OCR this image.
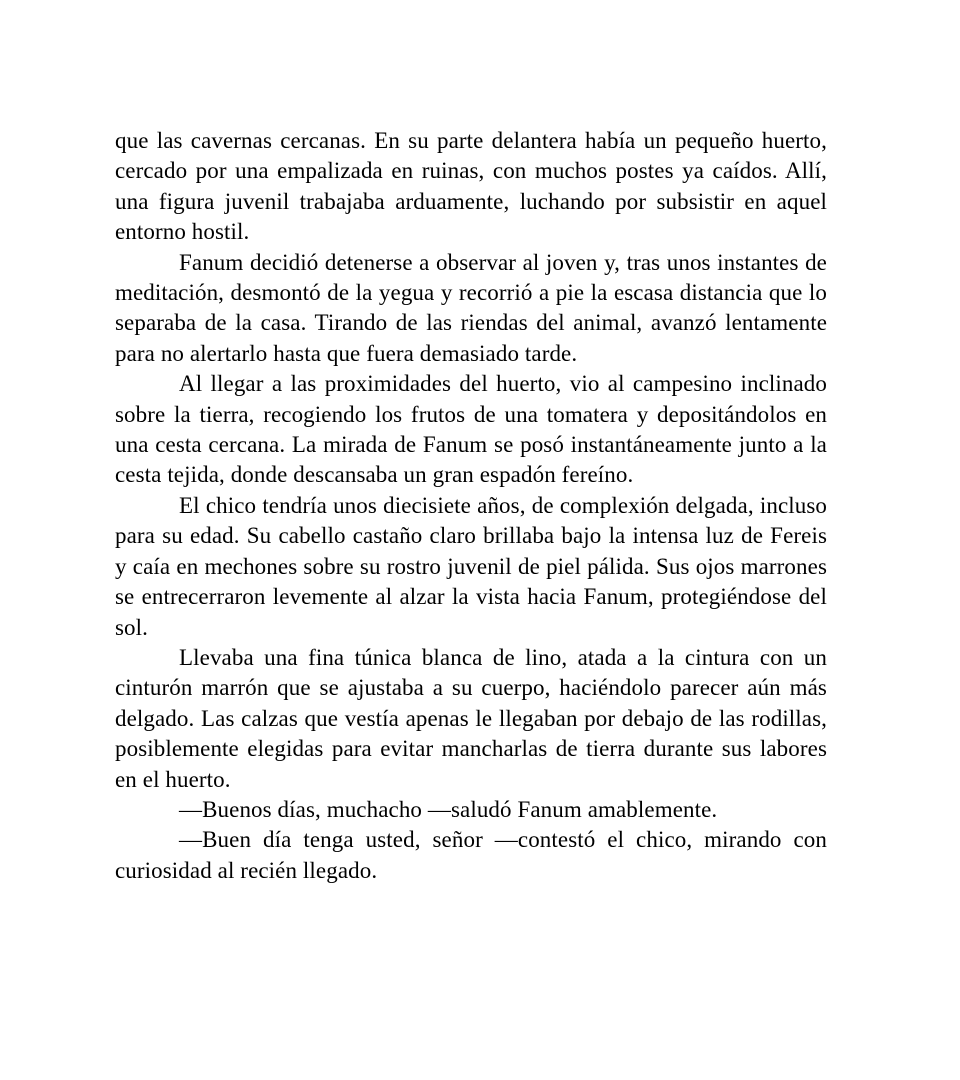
que las cavernas cercanas. En su parte delantera había un pequeño huerto, cercado por una empalizada en ruinas, con muchos postes ya caídos. Allí, una figura juvenil trabajaba arduamente, luchando por subsistir en aquel entorno hostil.

Fanum decidió detenerse a observar al joven y, tras unos instantes de meditación, desmontó de la yegua y recorrió a pie la escasa distancia que lo separaba de la casa. Tirando de las riendas del animal, avanzó lentamente para no alertarlo hasta que fuera demasiado tarde.

Al llegar a las proximidades del huerto, vio al campesino inclinado sobre la tierra, recogiendo los frutos de una tomatera y depositándolos en una cesta cercana. La mirada de Fanum se posó instantáneamente junto a la cesta tejida, donde descansaba un gran espadón fereíno.

El chico tendría unos diecisiete años, de complexión delgada, incluso para su edad. Su cabello castaño claro brillaba bajo la intensa luz de Fereis y caía en mechones sobre su rostro juvenil de piel pálida. Sus ojos marrones se entrecerraron levemente al alzar la vista hacia Fanum, protegiéndose del sol.

Llevaba una fina túnica blanca de lino, atada a la cintura con un cinturón marrón que se ajustaba a su cuerpo, haciéndolo parecer aún más delgado. Las calzas que vestía apenas le llegaban por debajo de las rodillas, posiblemente elegidas para evitar mancharlas de tierra durante sus labores en el huerto.

—Buenos días, muchacho —saludó Fanum amablemente.

—Buen día tenga usted, señor —contestó el chico, mirando con curiosidad al recién llegado.
